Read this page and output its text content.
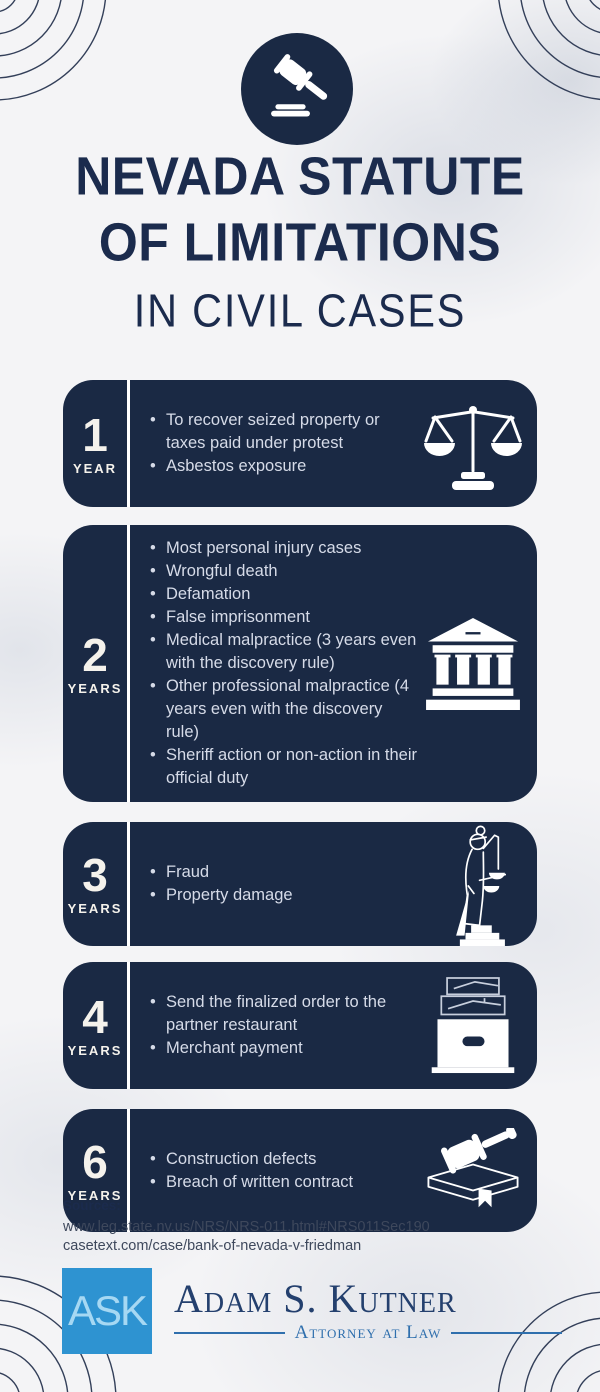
NEVADA STATUTE
OF LIMITATIONS
IN CIVIL CASES
1
YEAR
• To recover seized property or taxes paid under protest
• Asbestos exposure
2
YEARS
• Most personal injury cases
• Wrongful death
• Defamation
• False imprisonment
• Medical malpractice (3 years even with the discovery rule)
• Other professional malpractice (4 years even with the discovery rule)
• Sheriff action or non-action in their official duty
3
YEARS
• Fraud
• Property damage
4
YEARS
• Send the finalized order to the partner restaurant
• Merchant payment
6
YEARS
• Construction defects
• Breach of written contract
Sources:
www.leg.state.nv.us/NRS/NRS-011.html#NRS011Sec190
casetext.com/case/bank-of-nevada-v-friedman
ASK Adam S. Kutner
Attorney at Law
